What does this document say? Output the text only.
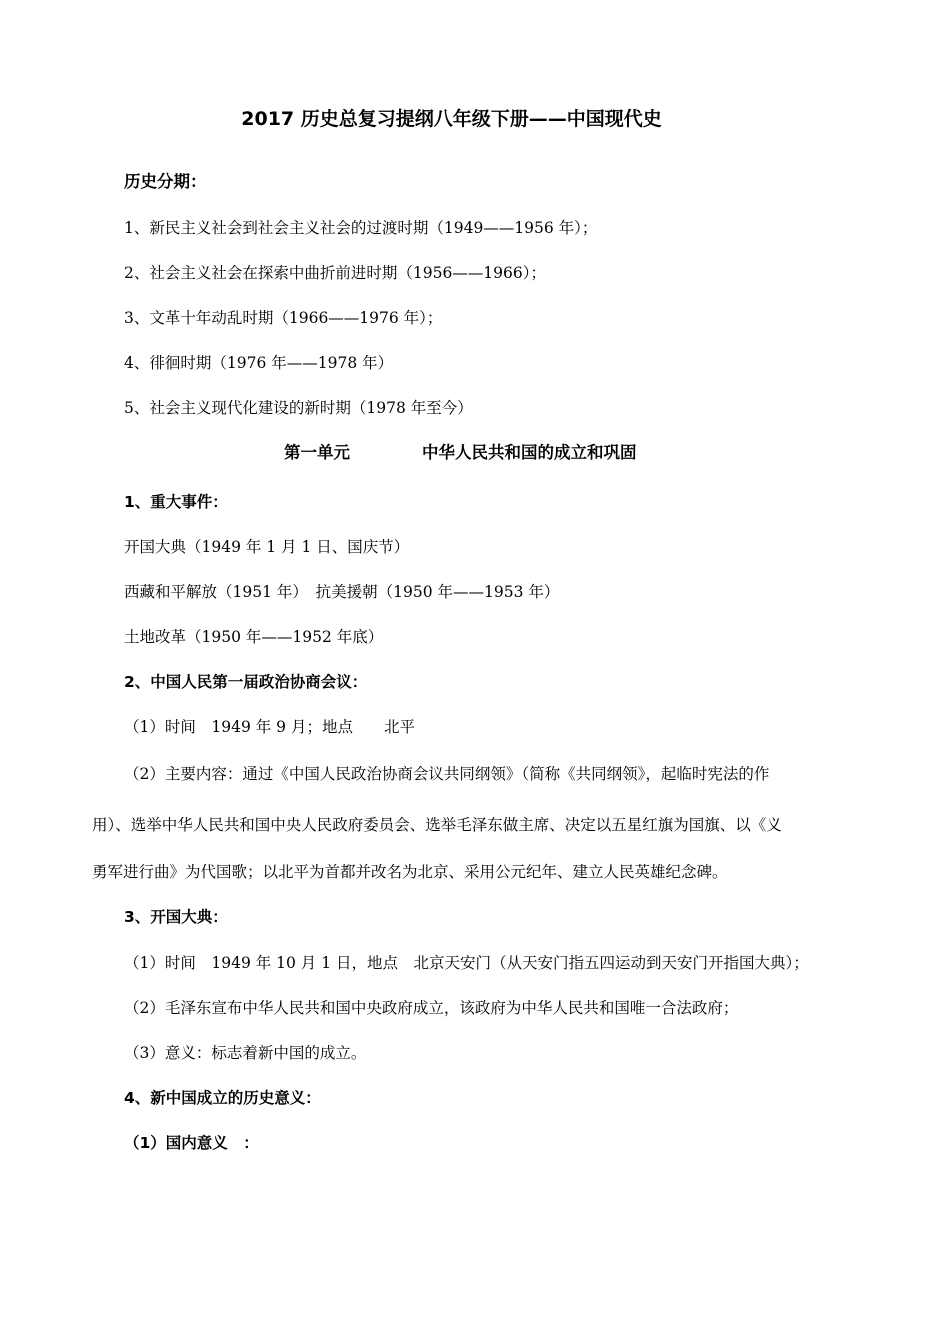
2017 历史总复习提纲八年级下册——中国现代史
历史分期：
1、新民主义社会到社会主义社会的过渡时期（1949——1956 年）；
2、社会主义社会在探索中曲折前进时期（1956——1966）；
3、文革十年动乱时期（1966——1976 年）；
4、徘徊时期（1976 年——1978 年）
5、社会主义现代化建设的新时期（1978 年至今）
第一单元	中华人民共和国的成立和巩固
1、重大事件：
开国大典（1949 年 1 月 1 日、国庆节）
西藏和平解放（1951 年）　抗美援朝（1950 年——1953 年）
土地改革（1950 年——1952 年底）
2、中国人民第一届政治协商会议：
（1）时间　1949 年 9 月；地点　　北平
（2）主要内容：通过《中国人民政治协商会议共同纲领》（简称《共同纲领》，起临时宪法的作
用）、选举中华人民共和国中央人民政府委员会、选举毛泽东做主席、决定以五星红旗为国旗、以《义
勇军进行曲》为代国歌；以北平为首都并改名为北京、采用公元纪年、建立人民英雄纪念碑。
3、开国大典：
（1）时间　1949 年 10 月 1 日，地点　北京天安门（从天安门指五四运动到天安门开指国大典）；
（2）毛泽东宣布中华人民共和国中央政府成立，该政府为中华人民共和国唯一合法政府；
（3）意义：标志着新中国的成立。
4、新中国成立的历史意义：
（1）国内意义　：
